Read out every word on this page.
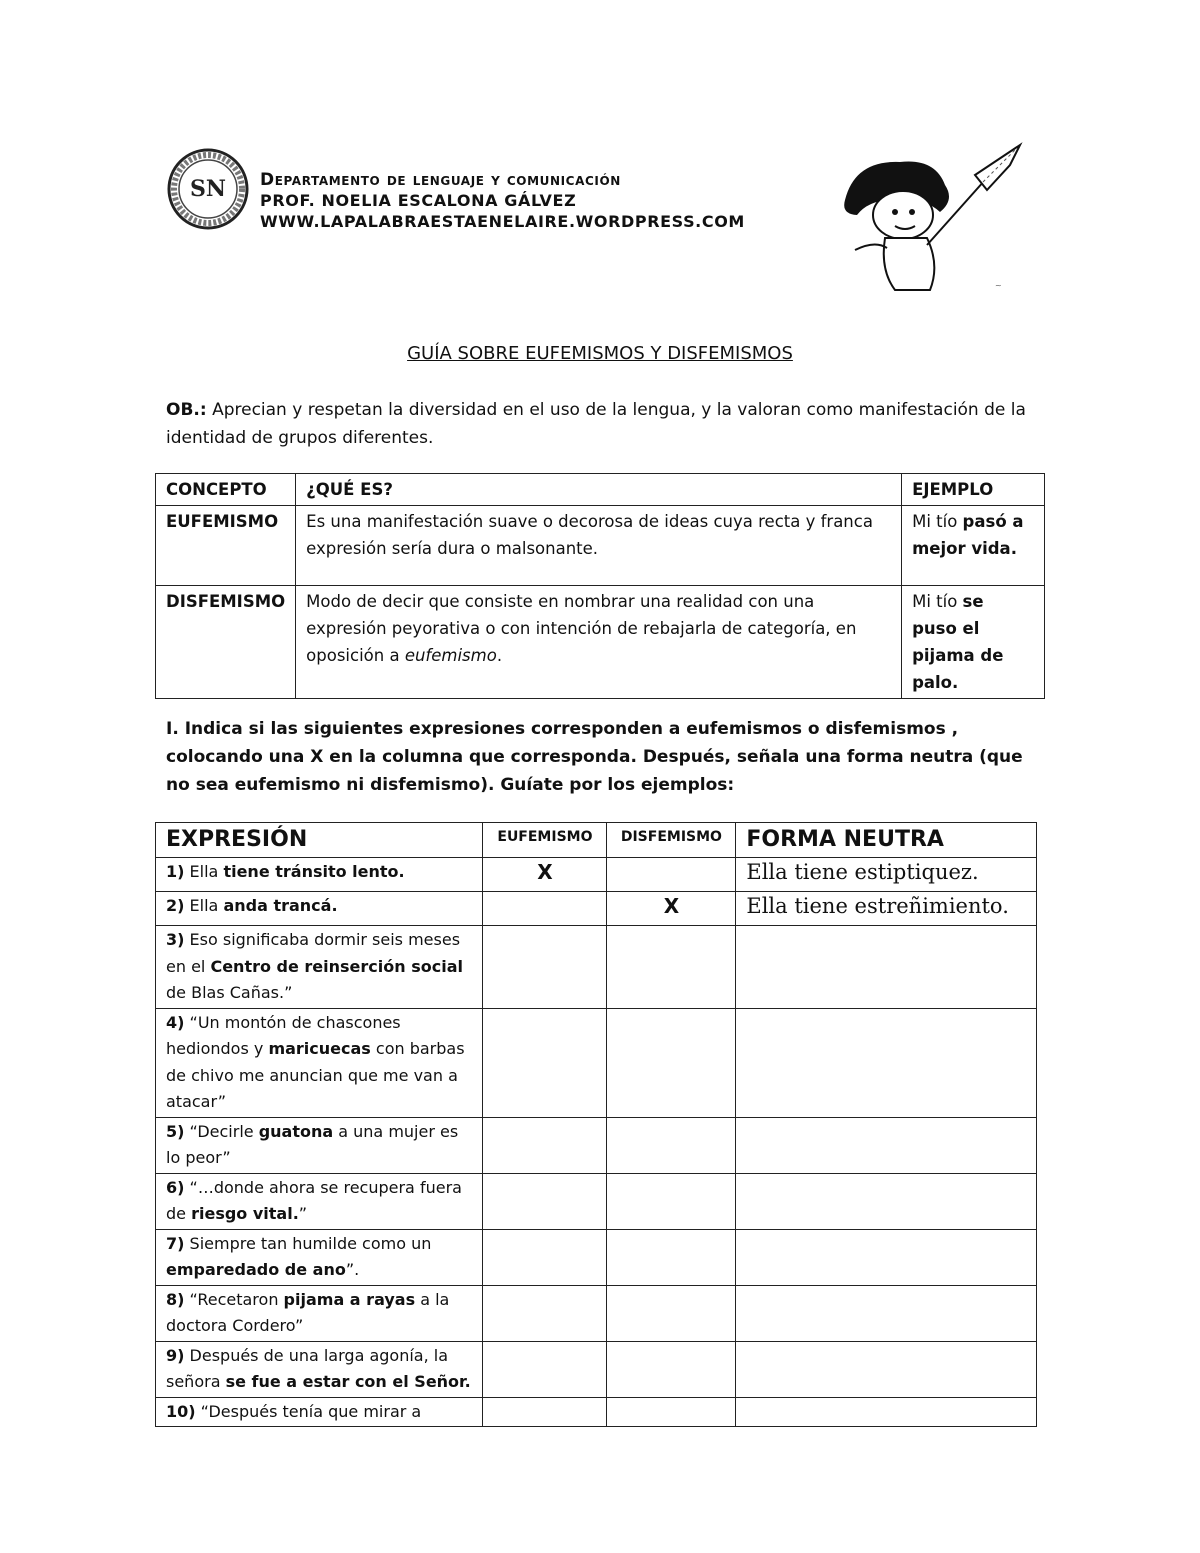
SN Departamento de lenguaje y comunicación
PROF. NOELIA ESCALONA GÁLVEZ
WWW.LAPALABRAESTAENELAIRE.WORDPRESS.COM
~
GUÍA SOBRE EUFEMISMOS Y DISFEMISMOS
OB.: Aprecian y respetan la diversidad en el uso de la lengua, y la valoran como manifestación de la identidad de grupos diferentes.
CONCEPTO	¿QUÉ ES?	EJEMPLO
EUFEMISMO	Es una manifestación suave o decorosa de ideas cuya recta y franca expresión sería dura o malsonante.	Mi tío pasó a mejor vida.
DISFEMISMO	Modo de decir que consiste en nombrar una realidad con una expresión peyorativa o con intención de rebajarla de categoría, en oposición a eufemismo.	Mi tío se puso el pijama de palo.
I. Indica si las siguientes expresiones corresponden a eufemismos o disfemismos , colocando una X en la columna que corresponda. Después, señala una forma neutra (que no sea eufemismo ni disfemismo). Guíate por los ejemplos:
EXPRESIÓN	EUFEMISMO	DISFEMISMO	FORMA NEUTRA
1) Ella tiene tránsito lento.	X		Ella tiene estiptiquez.
2) Ella anda trancá.		X	Ella tiene estreñimiento.
3) Eso significaba dormir seis meses en el Centro de reinserción social de Blas Cañas.”			
4) “Un montón de chascones hediondos y maricuecas con barbas de chivo me anuncian que me van a atacar”			
5) “Decirle guatona a una mujer es lo peor”			
6) “…donde ahora se recupera fuera de riesgo vital.”			
7) Siempre tan humilde como un emparedado de ano”.			
8) “Recetaron pijama a rayas a la doctora Cordero”			
9) Después de una larga agonía, la señora se fue a estar con el Señor.			
10) “Después tenía que mirar a			
